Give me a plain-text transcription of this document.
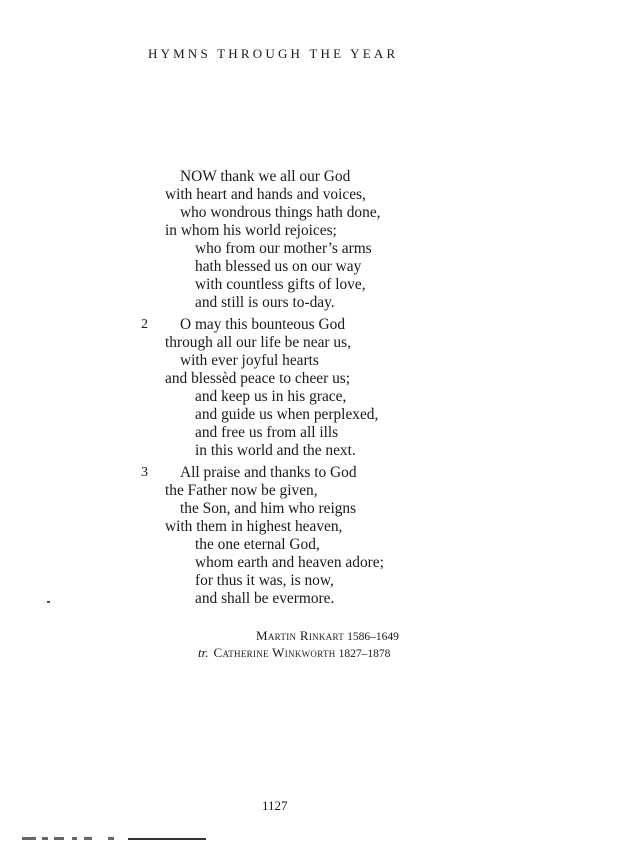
HYMNS THROUGH THE YEAR
NOW thank we all our God
with heart and hands and voices,
who wondrous things hath done,
in whom his world rejoices;
who from our mother’s arms
hath blessed us on our way
with countless gifts of love,
and still is ours to-day.
2 O may this bounteous God
through all our life be near us,
with ever joyful hearts
and blessèd peace to cheer us;
and keep us in his grace,
and guide us when perplexed,
and free us from all ills
in this world and the next.
3 All praise and thanks to God
the Father now be given,
the Son, and him who reigns
with them in highest heaven,
the one eternal God,
whom earth and heaven adore;
for thus it was, is now,
and shall be evermore.
Martin Rinkart 1586–1649
tr. Catherine Winkworth 1827–1878
1127
